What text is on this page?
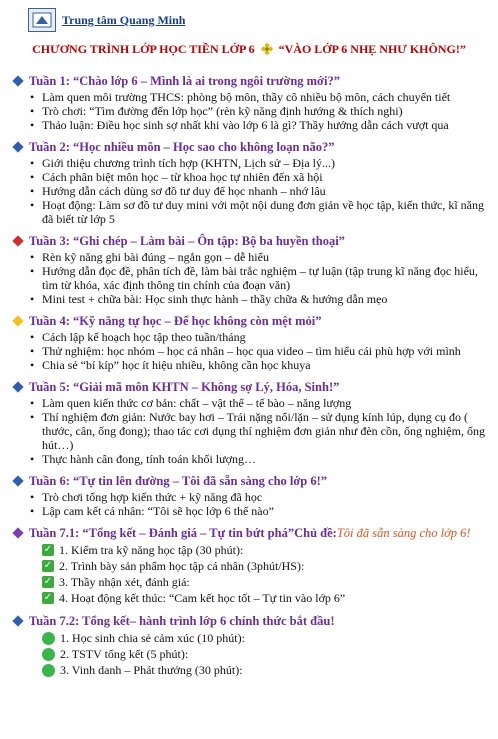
Trung tâm Quang Minh
CHƯƠNG TRÌNH LỚP HỌC TIỀN LỚP 6 “VÀO LỚP 6 NHẸ NHƯ KHÔNG!”
Tuần 1: “Chào lớp 6 – Mình là ai trong ngôi trường mới?”
• Làm quen môi trường THCS: phòng bộ môn, thầy cô nhiều bộ môn, cách chuyển tiết
• Trò chơi: “Tìm đường đến lớp học” (rèn kỹ năng định hướng & thích nghi)
• Thảo luận: Điều học sinh sợ nhất khi vào lớp 6 là gì? Thầy hướng dẫn cách vượt qua
Tuần 2: “Học nhiều môn – Học sao cho không loạn não?”
• Giới thiệu chương trình tích hợp (KHTN, Lịch sử – Địa lý...)
• Cách phân biệt môn học – từ khoa học tự nhiên đến xã hội
• Hướng dẫn cách dùng sơ đồ tư duy để học nhanh – nhớ lâu
• Hoạt động: Làm sơ đồ tư duy mini với một nội dung đơn giản về học tập, kiến thức, kĩ năng đã biết từ lớp 5
Tuần 3: “Ghi chép – Làm bài – Ôn tập: Bộ ba huyền thoại”
• Rèn kỹ năng ghi bài đúng – ngắn gọn – dễ hiểu
• Hướng dẫn đọc đề, phân tích đề, làm bài trắc nghiệm – tự luận (tập trung kĩ năng đọc hiểu, tìm từ khóa, xác định thông tin chính của đoạn văn)
• Mini test + chữa bài: Học sinh thực hành – thầy chữa & hướng dẫn mẹo
Tuần 4: “Kỹ năng tự học – Để học không còn mệt mỏi”
• Cách lập kế hoạch học tập theo tuần/tháng
• Thử nghiệm: học nhóm – học cá nhân – học qua video – tìm hiểu cái phù hợp với mình
• Chia sẻ “bí kíp” học ít hiệu nhiều, không cần học khuya
Tuần 5: “Giải mã môn KHTN – Không sợ Lý, Hóa, Sinh!”
• Làm quen kiến thức cơ bản: chất – vật thể – tế bào – năng lượng
• Thí nghiệm đơn giản: Nước bay hơi – Trái nặng nổi/lặn – sử dụng kính lúp, dụng cụ đo ( thước, cân, ống đong); thao tác cơi dụng thí nghiệm đơn giản như đèn cồn, ống nghiệm, ống hút…)
• Thực hành cân đong, tính toán khối lượng…
Tuần 6: “Tự tin lên đường – Tôi đã sẵn sàng cho lớp 6!”
• Trò chơi tổng hợp kiến thức + kỹ năng đã học
• Lập cam kết cá nhân: “Tôi sẽ học lớp 6 thế nào”
Tuần 7.1: “Tổng kết – Đánh giá – Tự tin bứt phá” Chủ đề: Tôi đã sẵn sàng cho lớp 6!
✓ 1. Kiểm tra kỹ năng học tập (30 phút):
✓ 2. Trình bày sản phẩm học tập cá nhân (3phút/HS):
✓ 3. Thầy nhận xét, đánh giá:
✓ 4. Hoạt động kết thúc: “Cam kết học tốt – Tự tin vào lớp 6”
Tuần 7.2: Tổng kết– hành trình lớp 6 chính thức bắt đầu!
1. Học sinh chia sẻ cảm xúc (10 phút):
2. TSTV tổng kết (5 phút):
3. Vinh danh – Phát thưởng (30 phút):
